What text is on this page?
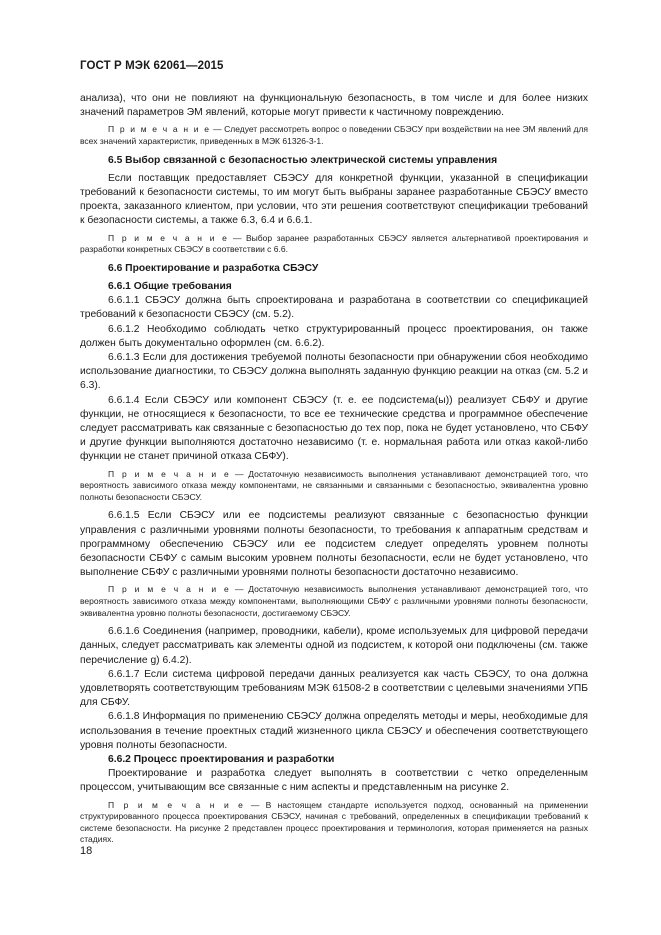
ГОСТ Р МЭК 62061—2015

анализа), что они не повлияют на функциональную безопасность, в том числе и для более низких значений параметров ЭМ явлений, которые могут привести к частичному повреждению.

П р и м е ч а н и е — Следует рассмотреть вопрос о поведении СБЭСУ при воздействии на нее ЭМ явлений для всех значений характеристик, приведенных в МЭК 61326-3-1.

6.5 Выбор связанной с безопасностью электрической системы управления

Если поставщик предоставляет СБЭСУ для конкретной функции, указанной в спецификации требований к безопасности системы, то им могут быть выбраны заранее разработанные СБЭСУ вместо проекта, заказанного клиентом, при условии, что эти решения соответствуют спецификации требований к безопасности системы, а также 6.3, 6.4 и 6.6.1.

П р и м е ч а н и е — Выбор заранее разработанных СБЭСУ является альтернативой проектирования и разработки конкретных СБЭСУ в соответствии с 6.6.

6.6 Проектирование и разработка СБЭСУ

6.6.1 Общие требования

6.6.1.1 СБЭСУ должна быть спроектирована и разработана в соответствии со спецификацией требований к безопасности СБЭСУ (см. 5.2).

6.6.1.2 Необходимо соблюдать четко структурированный процесс проектирования, он также должен быть документально оформлен (см. 6.6.2).

6.6.1.3 Если для достижения требуемой полноты безопасности при обнаружении сбоя необходимо использование диагностики, то СБЭСУ должна выполнять заданную функцию реакции на отказ (см. 5.2 и 6.3).

6.6.1.4 Если СБЭСУ или компонент СБЭСУ (т. е. ее подсистема(ы)) реализует СБФУ и другие функции, не относящиеся к безопасности, то все ее технические средства и программное обеспечение следует рассматривать как связанные с безопасностью до тех пор, пока не будет установлено, что СБФУ и другие функции выполняются достаточно независимо (т. е. нормальная работа или отказ какой-либо функции не станет причиной отказа СБФУ).

П р и м е ч а н и е — Достаточную независимость выполнения устанавливают демонстрацией того, что вероятность зависимого отказа между компонентами, не связанными и связанными с безопасностью, эквивалентна уровню полноты безопасности СБЭСУ.

6.6.1.5 Если СБЭСУ или ее подсистемы реализуют связанные с безопасностью функции управления с различными уровнями полноты безопасности, то требования к аппаратным средствам и программному обеспечению СБЭСУ или ее подсистем следует определять уровнем полноты безопасности СБФУ с самым высоким уровнем полноты безопасности, если не будет установлено, что выполнение СБФУ с различными уровнями полноты безопасности достаточно независимо.

П р и м е ч а н и е — Достаточную независимость выполнения устанавливают демонстрацией того, что вероятность зависимого отказа между компонентами, выполняющими СБФУ с различными уровнями полноты безопасности, эквивалентна уровню полноты безопасности, достигаемому СБЭСУ.

6.6.1.6 Соединения (например, проводники, кабели), кроме используемых для цифровой передачи данных, следует рассматривать как элементы одной из подсистем, к которой они подключены (см. также перечисление g) 6.4.2).

6.6.1.7 Если система цифровой передачи данных реализуется как часть СБЭСУ, то она должна удовлетворять соответствующим требованиям МЭК 61508-2 в соответствии с целевыми значениями УПБ для СБФУ.

6.6.1.8 Информация по применению СБЭСУ должна определять методы и меры, необходимые для использования в течение проектных стадий жизненного цикла СБЭСУ и обеспечения соответствующего уровня полноты безопасности.

6.6.2 Процесс проектирования и разработки

Проектирование и разработка следует выполнять в соответствии с четко определенным процессом, учитывающим все связанные с ним аспекты и представленным на рисунке 2.

П р и м е ч а н и е — В настоящем стандарте используется подход, основанный на применении структурированного процесса проектирования СБЭСУ, начиная с требований, определенных в спецификации требований к системе безопасности. На рисунке 2 представлен процесс проектирования и терминология, которая применяется на разных стадиях.
18
